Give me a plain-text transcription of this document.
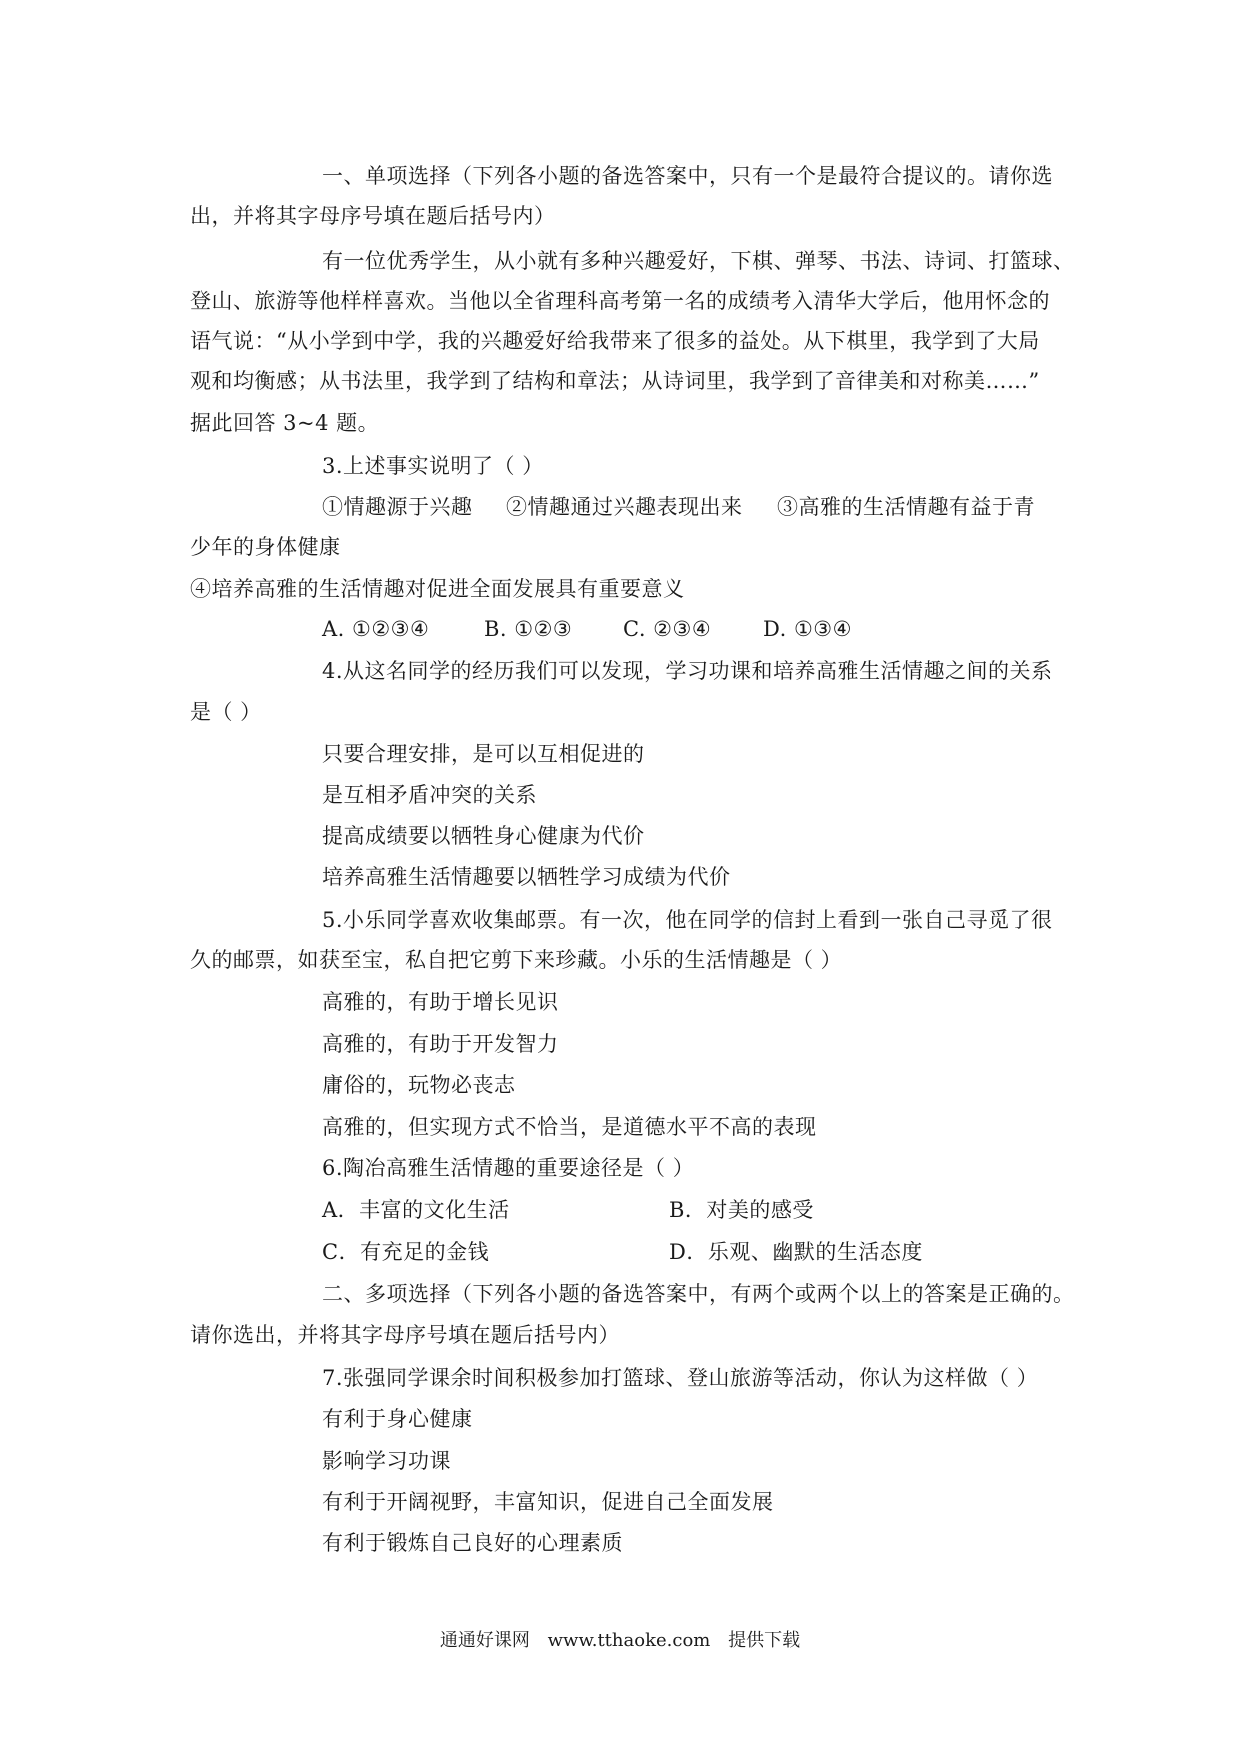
一、单项选择（下列各小题的备选答案中，只有一个是最符合提议的。请你选
出，并将其字母序号填在题后括号内）
有一位优秀学生，从小就有多种兴趣爱好，下棋、弹琴、书法、诗词、打篮球、
登山、旅游等他样样喜欢。当他以全省理科高考第一名的成绩考入清华大学后，他用怀念的
语气说：“从小学到中学，我的兴趣爱好给我带来了很多的益处。从下棋里，我学到了大局
观和均衡感；从书法里，我学到了结构和章法；从诗词里，我学到了音律美和对称美……”
据此回答 3~4 题。
3.上述事实说明了（ ）
①情趣源于兴趣 ②情趣通过兴趣表现出来 ③高雅的生活情趣有益于青
少年的身体健康
④培养高雅的生活情趣对促进全面发展具有重要意义
A. ①②③④	B. ①②③ C. ②③④ D. ①③④
4.从这名同学的经历我们可以发现，学习功课和培养高雅生活情趣之间的关系
是（ ）
只要合理安排，是可以互相促进的
是互相矛盾冲突的关系
提高成绩要以牺牲身心健康为代价
培养高雅生活情趣要以牺牲学习成绩为代价
5.小乐同学喜欢收集邮票。有一次，他在同学的信封上看到一张自己寻觅了很
久的邮票，如获至宝，私自把它剪下来珍藏。小乐的生活情趣是（ ）
高雅的，有助于增长见识
高雅的，有助于开发智力
庸俗的，玩物必丧志
高雅的，但实现方式不恰当，是道德水平不高的表现
6.陶冶高雅生活情趣的重要途径是（ ）
A．丰富的文化生活	B．对美的感受
C．有充足的金钱	D．乐观、幽默的生活态度
二、多项选择（下列各小题的备选答案中，有两个或两个以上的答案是正确的。
请你选出，并将其字母序号填在题后括号内）
7.张强同学课余时间积极参加打篮球、登山旅游等活动，你认为这样做（ ）
有利于身心健康
影响学习功课
有利于开阔视野，丰富知识，促进自己全面发展
有利于锻炼自己良好的心理素质
通通好课网 www.tthaoke.com 提供下载
